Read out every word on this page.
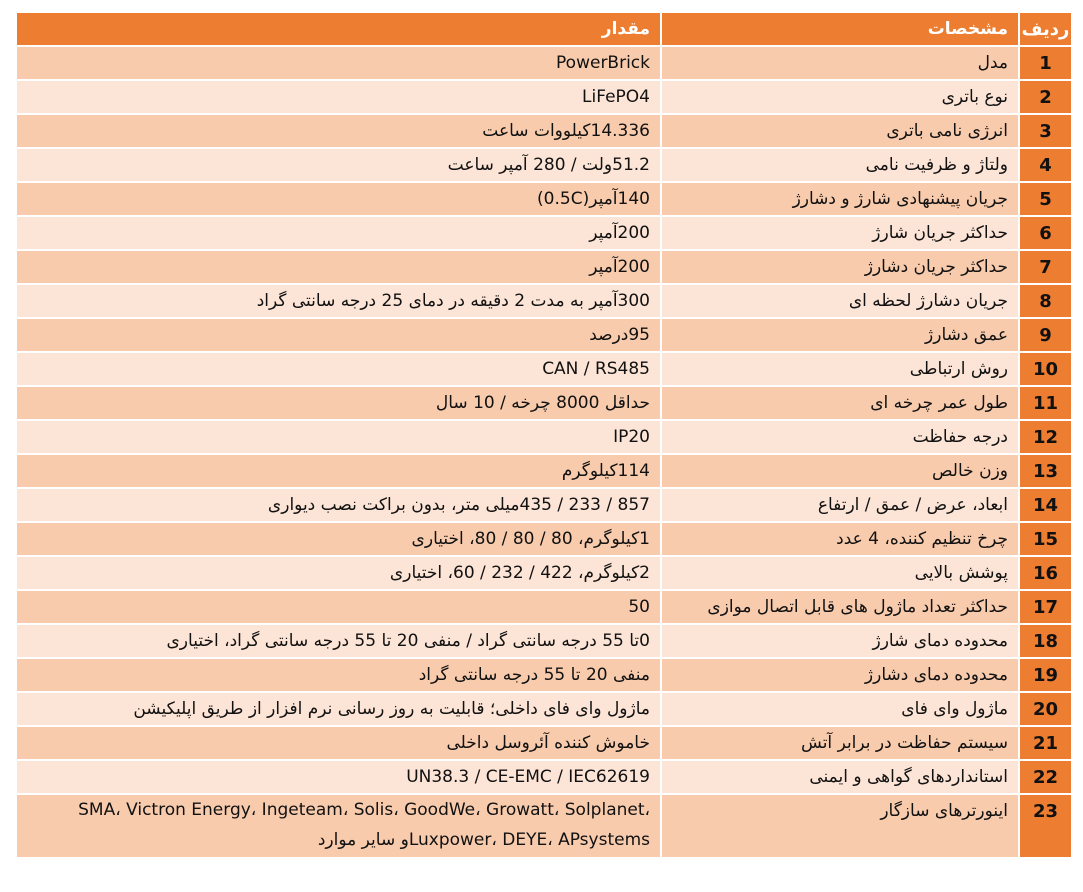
ردیف
مشخصات
مقدار
1
مدل
PowerBrick
2
نوع باتری
LiFePO4
3
انرژی نامی باتری
14.336کیلووات ساعت
4
ولتاژ و ظرفیت نامی
51.2ولت / 280 آمپر ساعت
5
جریان پیشنهادی شارژ و دشارژ
140آمپر(0.5C)
6
حداکثر جریان شارژ
200آمپر
7
حداکثر جریان دشارژ
200آمپر
8
جریان دشارژ لحظه ای
300آمپر به مدت 2 دقیقه در دمای 25 درجه سانتی گراد
9
عمق دشارژ
95درصد
10
روش ارتباطی
CAN / RS485
11
طول عمر چرخه ای
حداقل 8000 چرخه / 10 سال
12
درجه حفاظت
IP20
13
وزن خالص
114کیلوگرم
14
ابعاد، عرض / عمق / ارتفاع
857 / 233 / 435میلی متر، بدون براکت نصب دیواری
15
چرخ تنظیم کننده، 4 عدد
1کیلوگرم، 80 / 80 / 80، اختیاری
16
پوشش بالایی
2کیلوگرم، 422 / 232 / 60، اختیاری
17
حداکثر تعداد ماژول های قابل اتصال موازی
50
18
محدوده دمای شارژ
0تا 55 درجه سانتی گراد / منفی 20 تا 55 درجه سانتی گراد، اختیاری
19
محدوده دمای دشارژ
منفی 20 تا 55 درجه سانتی گراد
20
ماژول وای فای
ماژول وای فای داخلی؛ قابلیت به روز رسانی نرم افزار از طریق اپلیکیشن
21
سیستم حفاظت در برابر آتش
خاموش کننده آئروسل داخلی
22
استانداردهای گواهی و ایمنی
UN38.3 / CE-EMC / IEC62619
23
اینورترهای سازگار
SMA، Victron Energy، Ingeteam، Solis، GoodWe، Growatt، Solplanet، Luxpower، DEYE، APsystemsو سایر موارد
